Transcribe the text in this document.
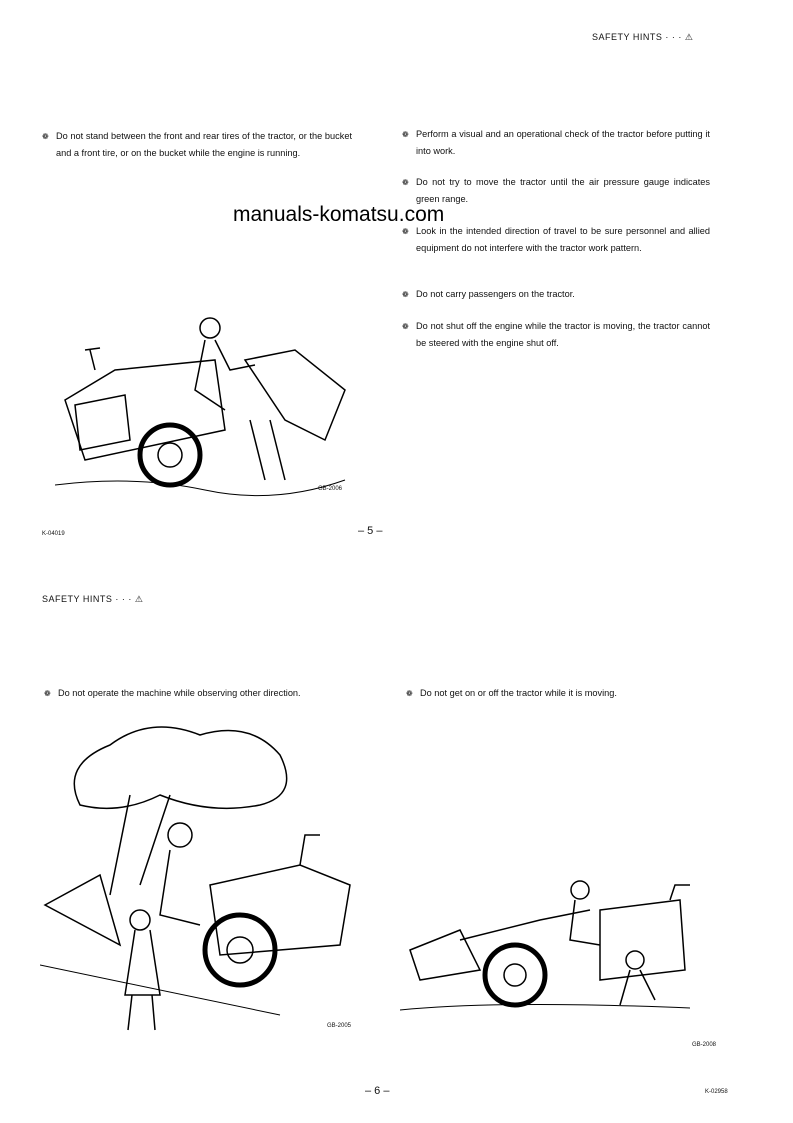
SAFETY HINTS · · · ⚠
❁ Do not stand between the front and rear tires of the tractor, or the bucket and a front tire, or on the bucket while the engine is running.
❁ Perform a visual and an operational check of the tractor before putting it into work.
❁ Do not try to move the tractor until the air pressure gauge indicates green range.
❁ Look in the intended direction of travel to be sure personnel and allied equipment do not interfere with the tractor work pattern.
❁ Do not carry passengers on the tractor.
❁ Do not shut off the engine while the tractor is moving, the tractor cannot be steered with the engine shut off.
manuals-komatsu.com
GB-2006
K-04019	– 5 –
SAFETY HINTS · · · ⚠
❁ Do not operate the machine while observing other direction.	❁ Do not get on or off the tractor while it is moving.
GB-2005
GB-2008
– 6 –	K-02958
